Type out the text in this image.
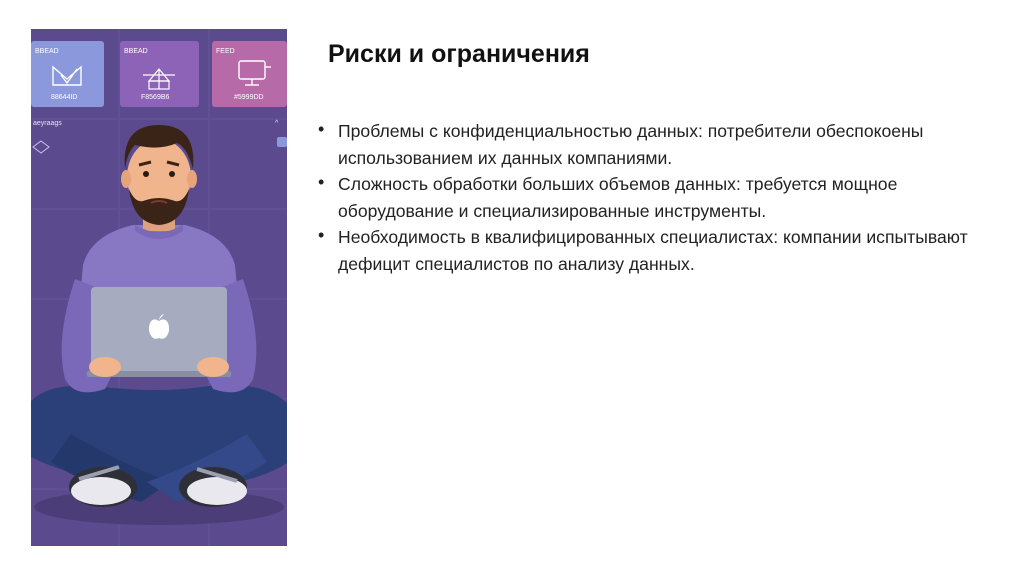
BBEAD
88644ID
BBEAD
F8569B6
FEED
#5999DD
aeyraags	^
Риски и ограничения
• Проблемы с конфиденциальностью данных: потребители обеспокоены использованием их данных компаниями.
• Сложность обработки больших объемов данных: требуется мощное оборудование и специализированные инструменты.
• Необходимость в квалифицированных специалистах: компании испытывают дефицит специалистов по анализу данных.
